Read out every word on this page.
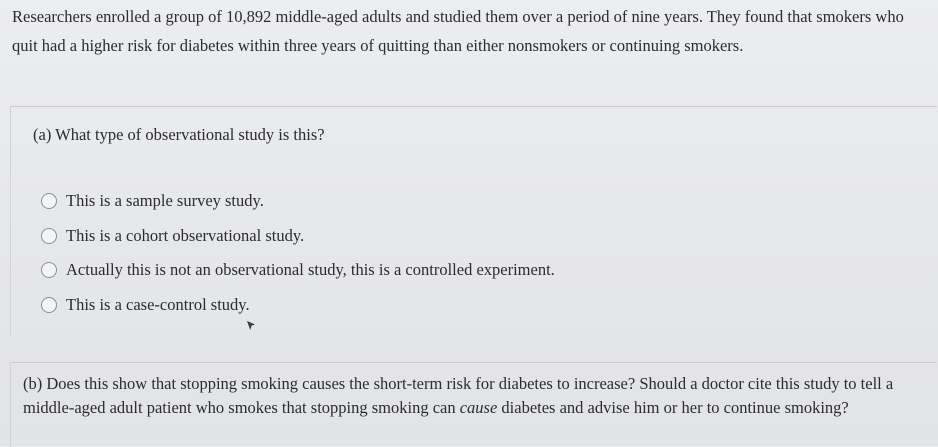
Researchers enrolled a group of 10,892 middle-aged adults and studied them over a period of nine years. They found that smokers who quit had a higher risk for diabetes within three years of quitting than either nonsmokers or continuing smokers.

(a) What type of observational study is this?

This is a sample survey study.
This is a cohort observational study.
Actually this is not an observational study, this is a controlled experiment.
This is a case-control study.

(b) Does this show that stopping smoking causes the short-term risk for diabetes to increase? Should a doctor cite this study to tell a middle-aged adult patient who smokes that stopping smoking can cause diabetes and advise him or her to continue smoking?
